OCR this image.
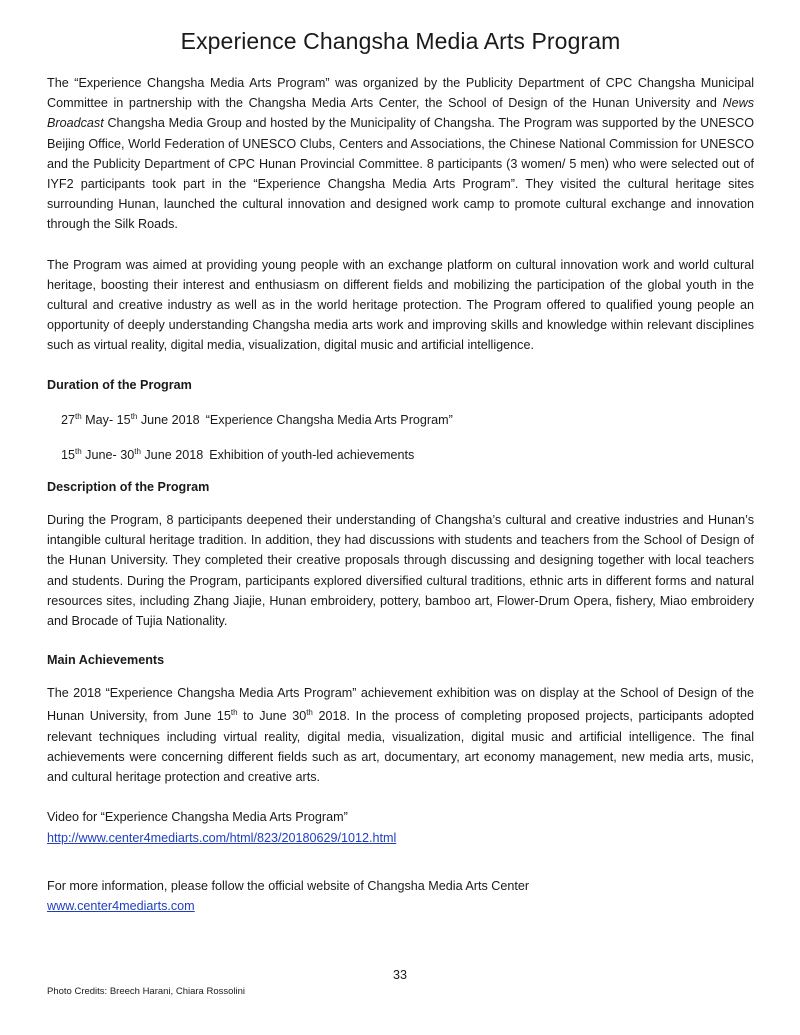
Experience Changsha Media Arts Program

The “Experience Changsha Media Arts Program” was organized by the Publicity Department of CPC Changsha Municipal Committee in partnership with the Changsha Media Arts Center, the School of Design of the Hunan University and News Broadcast Changsha Media Group and hosted by the Municipality of Changsha. The Program was supported by the UNESCO Beijing Office, World Federation of UNESCO Clubs, Centers and Associations, the Chinese National Commission for UNESCO and the Publicity Department of CPC Hunan Provincial Committee. 8 participants (3 women/ 5 men) who were selected out of IYF2 participants took part in the “Experience Changsha Media Arts Program”. They visited the cultural heritage sites surrounding Hunan, launched the cultural innovation and designed work camp to promote cultural exchange and innovation through the Silk Roads.

The Program was aimed at providing young people with an exchange platform on cultural innovation work and world cultural heritage, boosting their interest and enthusiasm on different fields and mobilizing the participation of the global youth in the cultural and creative industry as well as in the world heritage protection. The Program offered to qualified young people an opportunity of deeply understanding Changsha media arts work and improving skills and knowledge within relevant disciplines such as virtual reality, digital media, visualization, digital music and artificial intelligence.

Duration of the Program
27th May- 15th June 2018 “Experience Changsha Media Arts Program”
15th June- 30th June 2018 Exhibition of youth-led achievements
Description of the Program

During the Program, 8 participants deepened their understanding of Changsha’s cultural and creative industries and Hunan’s intangible cultural heritage tradition. In addition, they had discussions with students and teachers from the School of Design of the Hunan University. They completed their creative proposals through discussing and designing together with local teachers and students. During the Program, participants explored diversified cultural traditions, ethnic arts in different forms and natural resources sites, including Zhang Jiajie, Hunan embroidery, pottery, bamboo art, Flower-Drum Opera, fishery, Miao embroidery and Brocade of Tujia Nationality.

Main Achievements

The 2018 “Experience Changsha Media Arts Program” achievement exhibition was on display at the School of Design of the Hunan University, from June 15th to June 30th 2018. In the process of completing proposed projects, participants adopted relevant techniques including virtual reality, digital media, visualization, digital music and artificial intelligence. The final achievements were concerning different fields such as art, documentary, art economy management, new media arts, music, and cultural heritage protection and creative arts.

Video for “Experience Changsha Media Arts Program”

http://www.center4mediarts.com/html/823/20180629/1012.html

For more information, please follow the official website of Changsha Media Arts Center

www.center4mediarts.com
33
Photo Credits: Breech Harani, Chiara Rossolini
